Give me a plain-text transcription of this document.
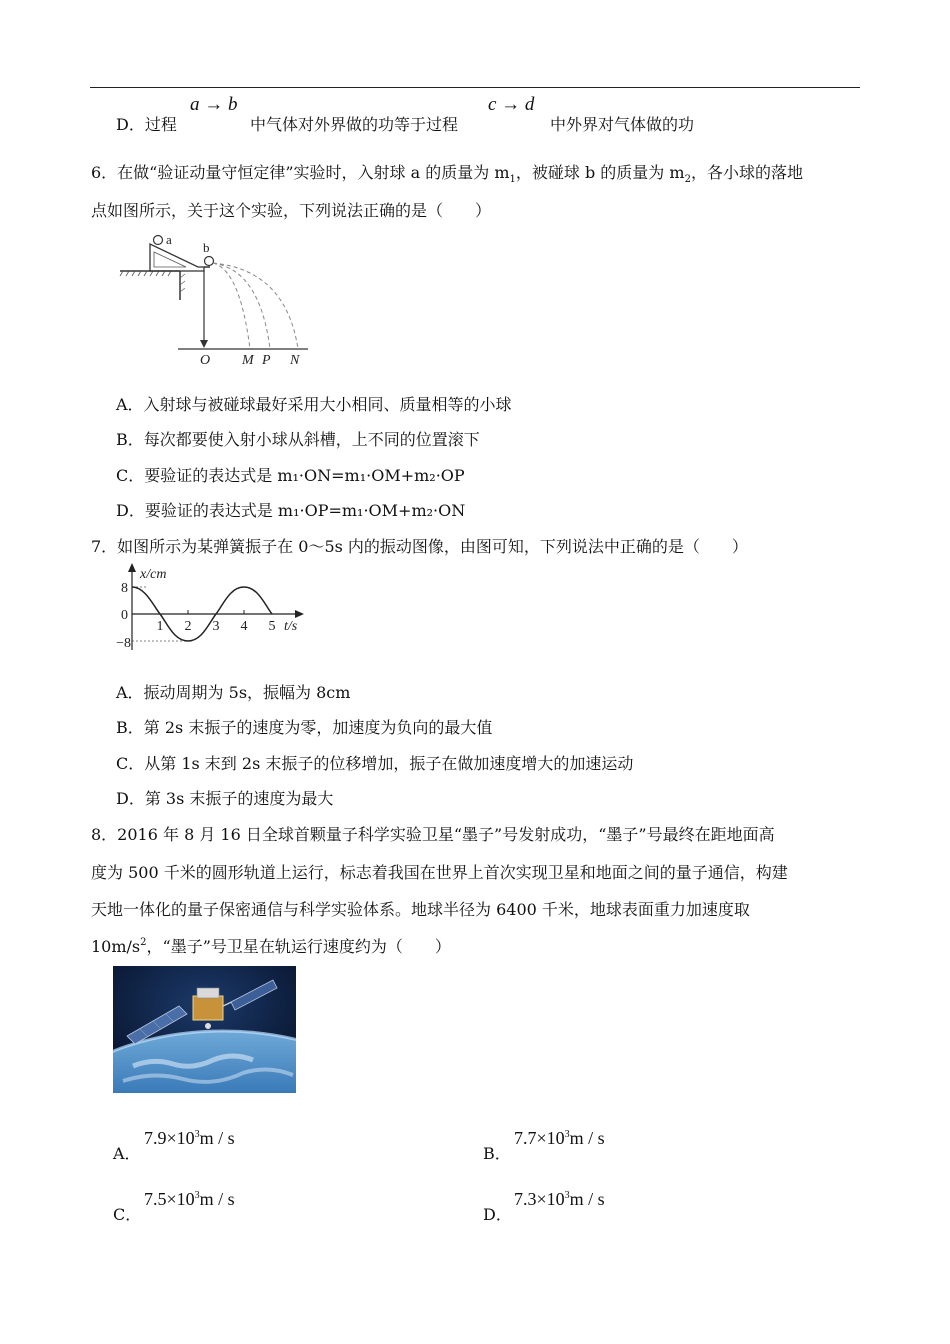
D．过程
a → b
中气体对外界做的功等于过程
c → d
中外界对气体做的功
6．在做“验证动量守恒定律”实验时，入射球 a 的质量为 $m_1$，被碰球 b 的质量为 $m_2$，各小球的落地
点如图所示，关于这个实验，下列说法正确的是（　　）
a
b
O M P N
A．入射球与被碰球最好采用大小相同、质量相等的小球
B．每次都要使入射小球从斜槽，上不同的位置滚下
C．要验证的表达式是 m₁·ON=m₁·OM+m₂·OP
D．要验证的表达式是 m₁·OP=m₁·OM+m₂·ON
7．如图所示为某弹簧振子在 0～5s 内的振动图像，由图可知，下列说法中正确的是（　　）
x/cm
t/s
8
0
−8
1 2 3 4 5
A．振动周期为 5s，振幅为 8cm
B．第 2s 末振子的速度为零，加速度为负向的最大值
C．从第 1s 末到 2s 末振子的位移增加，振子在做加速度增大的加速运动
D．第 3s 末振子的速度为最大
8．2016 年 8 月 16 日全球首颗量子科学实验卫星“墨子”号发射成功，“墨子”号最终在距地面高
度为 500 千米的圆形轨道上运行，标志着我国在世界上首次实现卫星和地面之间的量子通信，构建
天地一体化的量子保密通信与科学实验体系。地球半径为 6400 千米，地球表面重力加速度取
$10m/s^2$，“墨子”号卫星在轨运行速度约为（　　）
A．
$7.9\times 10^3m / s$
B．
$7.7\times 10^3m / s$
C．
$7.5\times 10^3m / s$
D．
$7.3\times 10^3m / s$
